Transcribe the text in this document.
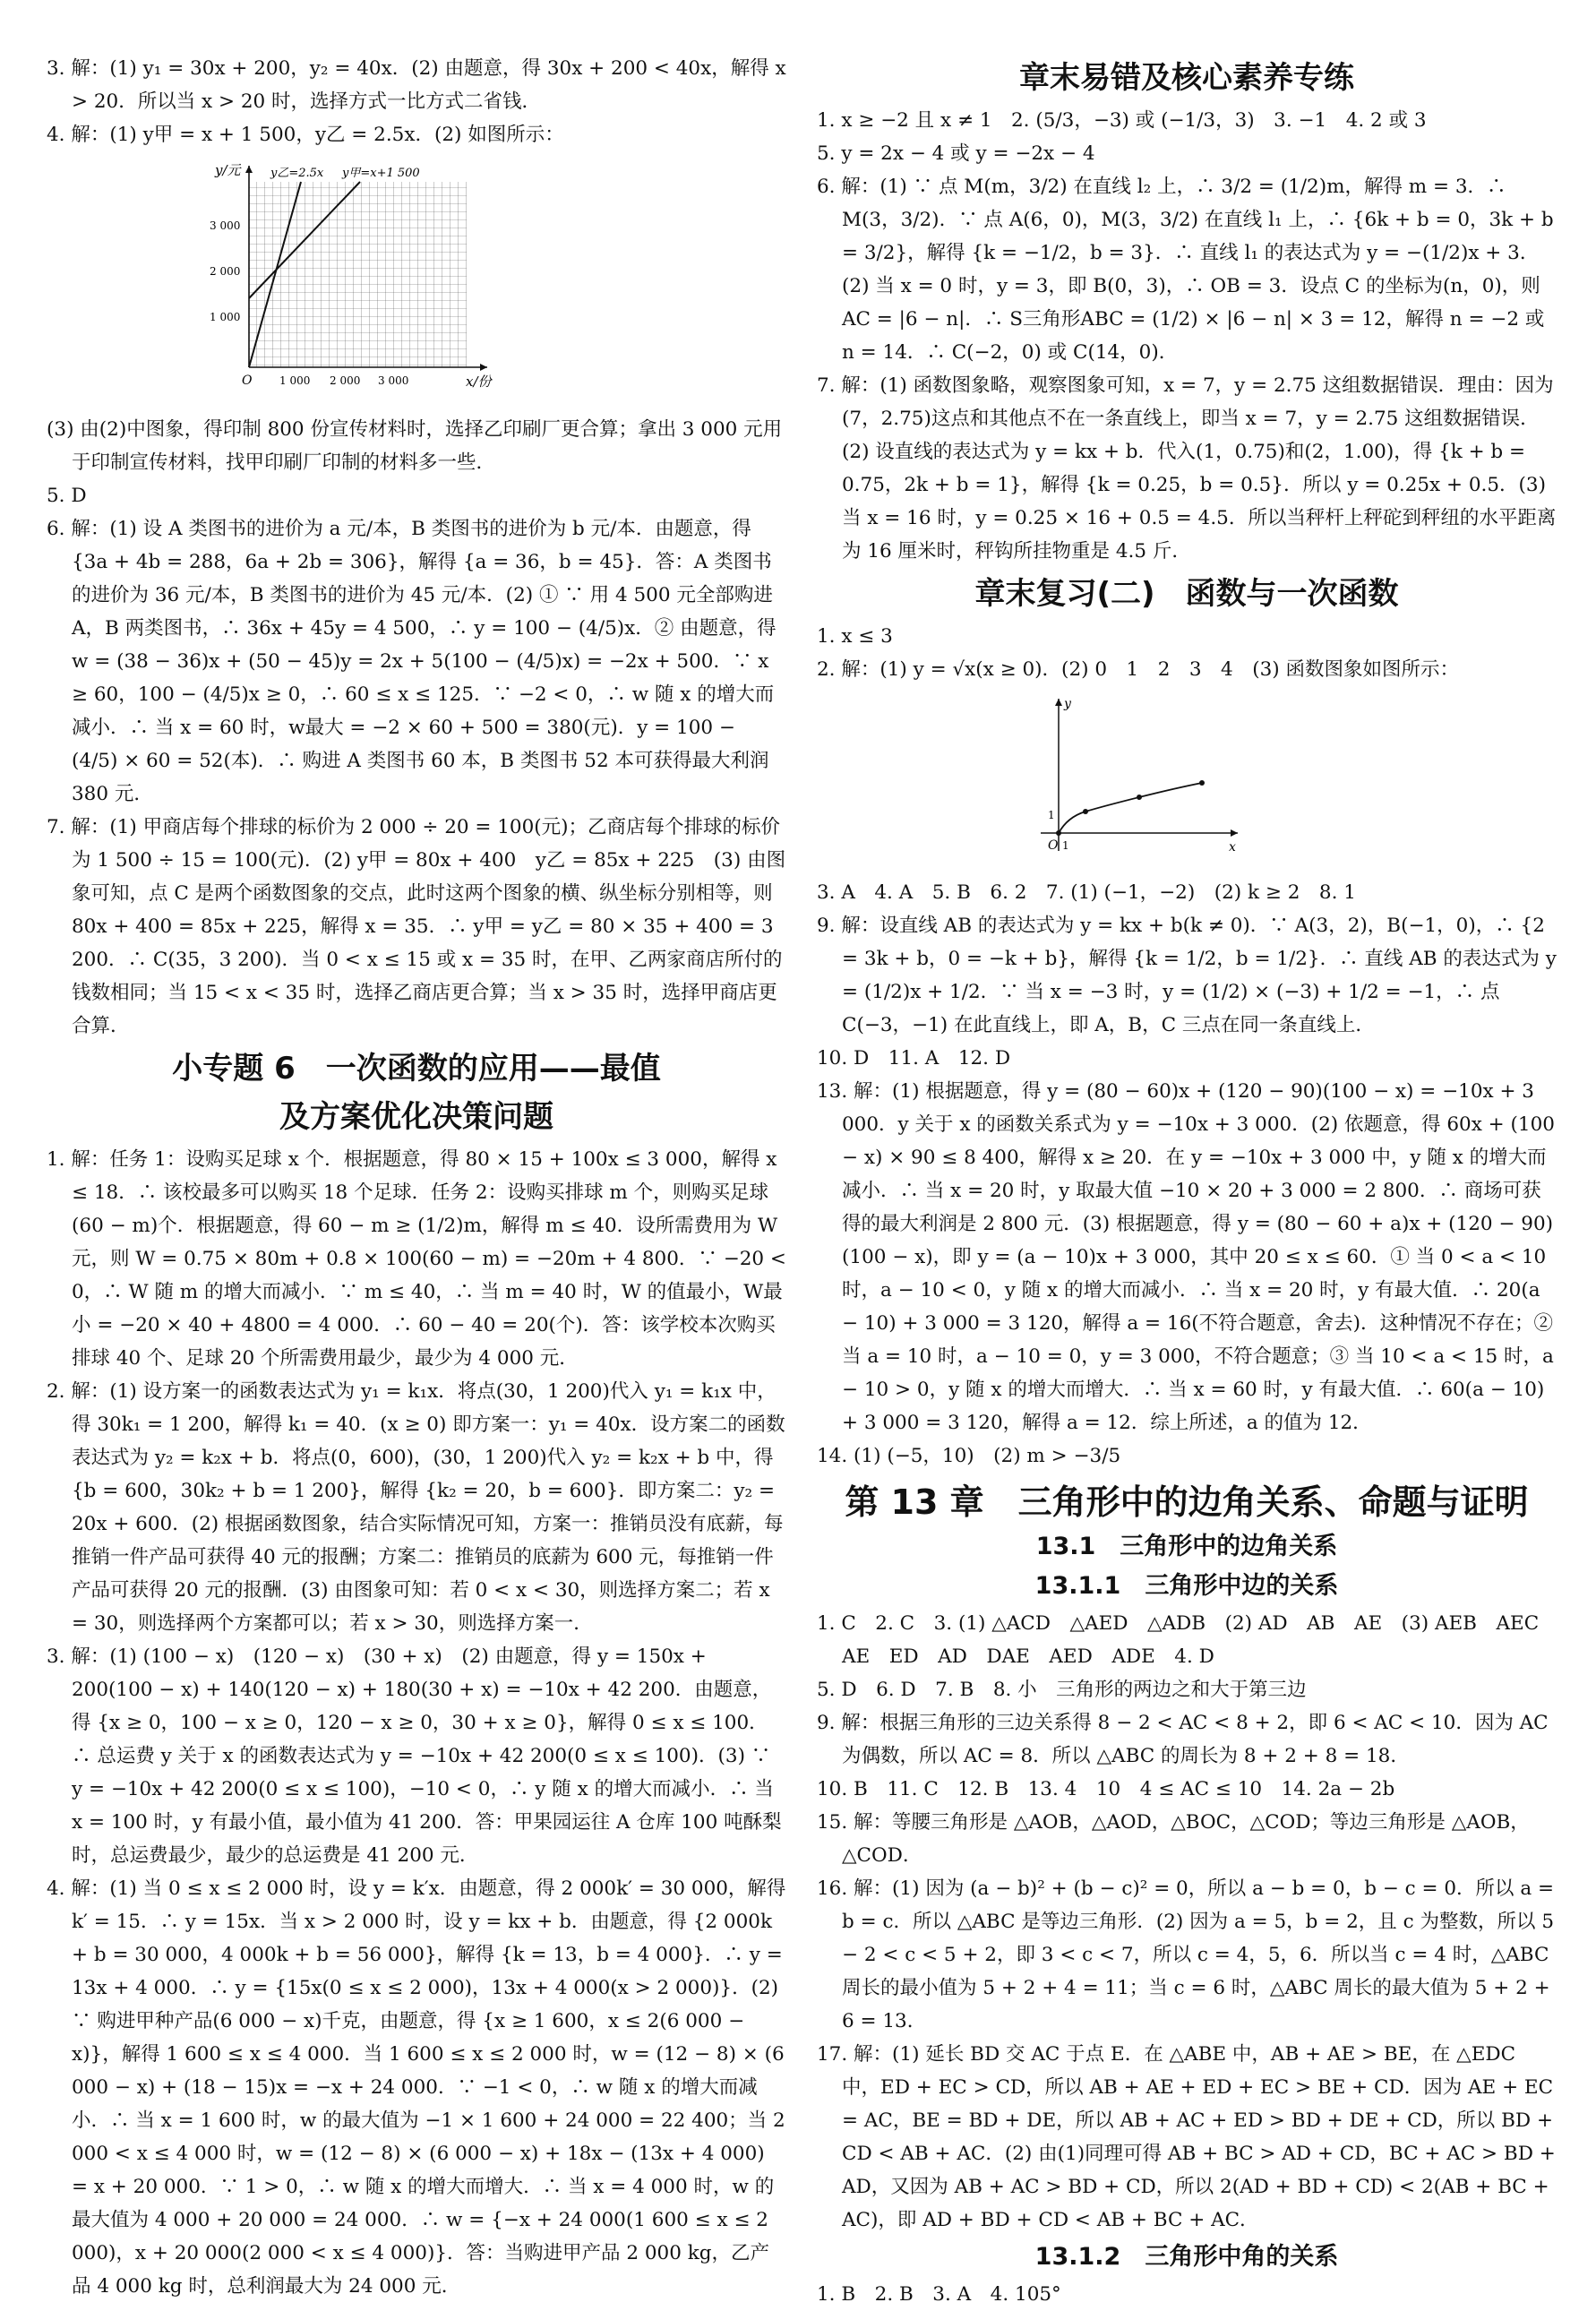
3. 解：(1) y₁ = 30x + 200，y₂ = 40x．(2) 由题意，得 30x + 200 < 40x，解得 x > 20．所以当 x > 20 时，选择方式一比方式二省钱．

4. 解：(1) y甲 = x + 1 500，y乙 = 2.5x．(2) 如图所示：

y/元
x/份
y乙=2.5x y甲=x+1 500
3 000
2 000
1 000
O	1 000 2 000 3 000

(3) 由(2)中图象，得印制 800 份宣传材料时，选择乙印刷厂更合算；拿出 3 000 元用于印制宣传材料，找甲印刷厂印制的材料多一些．

5. D

6. 解：(1) 设 A 类图书的进价为 a 元/本，B 类图书的进价为 b 元/本．由题意，得 {3a + 4b = 288，6a + 2b = 306}，解得 {a = 36，b = 45}．答：A 类图书的进价为 36 元/本，B 类图书的进价为 45 元/本．(2) ① ∵ 用 4 500 元全部购进 A，B 两类图书，∴ 36x + 45y = 4 500，∴ y = 100 − (4/5)x．② 由题意，得 w = (38 − 36)x + (50 − 45)y = 2x + 5(100 − (4/5)x) = −2x + 500．∵ x ≥ 60，100 − (4/5)x ≥ 0，∴ 60 ≤ x ≤ 125．∵ −2 < 0，∴ w 随 x 的增大而减小．∴ 当 x = 60 时，w最大 = −2 × 60 + 500 = 380(元)．y = 100 − (4/5) × 60 = 52(本)．∴ 购进 A 类图书 60 本，B 类图书 52 本可获得最大利润 380 元．

7. 解：(1) 甲商店每个排球的标价为 2 000 ÷ 20 = 100(元)；乙商店每个排球的标价为 1 500 ÷ 15 = 100(元)．(2) y甲 = 80x + 400　y乙 = 85x + 225　(3) 由图象可知，点 C 是两个函数图象的交点，此时这两个图象的横、纵坐标分别相等，则 80x + 400 = 85x + 225，解得 x = 35．∴ y甲 = y乙 = 80 × 35 + 400 = 3 200．∴ C(35，3 200)．当 0 < x ≤ 15 或 x = 35 时，在甲、乙两家商店所付的钱数相同；当 15 < x < 35 时，选择乙商店更合算；当 x > 35 时，选择甲商店更合算．

小专题 6　一次函数的应用——最值
及方案优化决策问题

1. 解：任务 1：设购买足球 x 个．根据题意，得 80 × 15 + 100x ≤ 3 000，解得 x ≤ 18．∴ 该校最多可以购买 18 个足球．任务 2：设购买排球 m 个，则购买足球(60 − m)个．根据题意，得 60 − m ≥ (1/2)m，解得 m ≤ 40．设所需费用为 W 元，则 W = 0.75 × 80m + 0.8 × 100(60 − m) = −20m + 4 800．∵ −20 < 0，∴ W 随 m 的增大而减小．∵ m ≤ 40，∴ 当 m = 40 时，W 的值最小，W最小 = −20 × 40 + 4800 = 4 000．∴ 60 − 40 = 20(个)．答：该学校本次购买排球 40 个、足球 20 个所需费用最少，最少为 4 000 元．

2. 解：(1) 设方案一的函数表达式为 y₁ = k₁x．将点(30，1 200)代入 y₁ = k₁x 中，得 30k₁ = 1 200，解得 k₁ = 40．(x ≥ 0) 即方案一：y₁ = 40x．设方案二的函数表达式为 y₂ = k₂x + b．将点(0，600)，(30，1 200)代入 y₂ = k₂x + b 中，得 {b = 600，30k₂ + b = 1 200}，解得 {k₂ = 20，b = 600}．即方案二：y₂ = 20x + 600．(2) 根据函数图象，结合实际情况可知，方案一：推销员没有底薪，每推销一件产品可获得 40 元的报酬；方案二：推销员的底薪为 600 元，每推销一件产品可获得 20 元的报酬．(3) 由图象可知：若 0 < x < 30，则选择方案二；若 x = 30，则选择两个方案都可以；若 x > 30，则选择方案一．

3. 解：(1) (100 − x)　(120 − x)　(30 + x)　(2) 由题意，得 y = 150x + 200(100 − x) + 140(120 − x) + 180(30 + x) = −10x + 42 200．由题意，得 {x ≥ 0，100 − x ≥ 0，120 − x ≥ 0，30 + x ≥ 0}，解得 0 ≤ x ≤ 100．∴ 总运费 y 关于 x 的函数表达式为 y = −10x + 42 200(0 ≤ x ≤ 100)．(3) ∵ y = −10x + 42 200(0 ≤ x ≤ 100)，−10 < 0，∴ y 随 x 的增大而减小．∴ 当 x = 100 时，y 有最小值，最小值为 41 200．答：甲果园运往 A 仓库 100 吨酥梨时，总运费最少，最少的总运费是 41 200 元．

4. 解：(1) 当 0 ≤ x ≤ 2 000 时，设 y = k′x．由题意，得 2 000k′ = 30 000，解得 k′ = 15．∴ y = 15x．当 x > 2 000 时，设 y = kx + b．由题意，得 {2 000k + b = 30 000，4 000k + b = 56 000}，解得 {k = 13，b = 4 000}．∴ y = 13x + 4 000．∴ y = {15x(0 ≤ x ≤ 2 000)，13x + 4 000(x > 2 000)}．(2) ∵ 购进甲种产品(6 000 − x)千克，由题意，得 {x ≥ 1 600，x ≤ 2(6 000 − x)}，解得 1 600 ≤ x ≤ 4 000．当 1 600 ≤ x ≤ 2 000 时，w = (12 − 8) × (6 000 − x) + (18 − 15)x = −x + 24 000．∵ −1 < 0，∴ w 随 x 的增大而减小．∴ 当 x = 1 600 时，w 的最大值为 −1 × 1 600 + 24 000 = 22 400；当 2 000 < x ≤ 4 000 时，w = (12 − 8) × (6 000 − x) + 18x − (13x + 4 000) = x + 20 000．∵ 1 > 0，∴ w 随 x 的增大而增大．∴ 当 x = 4 000 时，w 的最大值为 4 000 + 20 000 = 24 000．∴ w = {−x + 24 000(1 600 ≤ x ≤ 2 000)，x + 20 000(2 000 < x ≤ 4 000)}．答：当购进甲产品 2 000 kg，乙产品 4 000 kg 时，总利润最大为 24 000 元．

章末易错及核心素养专练

1. x ≥ −2 且 x ≠ 1　2. (5/3，−3) 或 (−1/3，3)　3. −1　4. 2 或 3

5. y = 2x − 4 或 y = −2x − 4

6. 解：(1) ∵ 点 M(m，3/2) 在直线 l₂ 上，∴ 3/2 = (1/2)m，解得 m = 3．∴ M(3，3/2)．∵ 点 A(6，0)，M(3，3/2) 在直线 l₁ 上，∴ {6k + b = 0，3k + b = 3/2}，解得 {k = −1/2，b = 3}．∴ 直线 l₁ 的表达式为 y = −(1/2)x + 3．(2) 当 x = 0 时，y = 3，即 B(0，3)，∴ OB = 3．设点 C 的坐标为(n，0)，则 AC = |6 − n|．∴ S三角形ABC = (1/2) × |6 − n| × 3 = 12，解得 n = −2 或 n = 14．∴ C(−2，0) 或 C(14，0)．

7. 解：(1) 函数图象略，观察图象可知，x = 7，y = 2.75 这组数据错误．理由：因为(7，2.75)这点和其他点不在一条直线上，即当 x = 7，y = 2.75 这组数据错误．(2) 设直线的表达式为 y = kx + b．代入(1，0.75)和(2，1.00)，得 {k + b = 0.75，2k + b = 1}，解得 {k = 0.25，b = 0.5}．所以 y = 0.25x + 0.5．(3) 当 x = 16 时，y = 0.25 × 16 + 0.5 = 4.5．所以当秤杆上秤砣到秤纽的水平距离为 16 厘米时，秤钩所挂物重是 4.5 斤．

章末复习(二)　函数与一次函数

1. x ≤ 3

2. 解：(1) y = √x(x ≥ 0)．(2) 0　1　2　3　4　(3) 函数图象如图所示：

y
x
O
1
1

3. A　4. A　5. B　6. 2　7. (1) (−1，−2)　(2) k ≥ 2　8. 1

9. 解：设直线 AB 的表达式为 y = kx + b(k ≠ 0)．∵ A(3，2)，B(−1，0)，∴ {2 = 3k + b，0 = −k + b}，解得 {k = 1/2，b = 1/2}．∴ 直线 AB 的表达式为 y = (1/2)x + 1/2．∵ 当 x = −3 时，y = (1/2) × (−3) + 1/2 = −1，∴ 点 C(−3，−1) 在此直线上，即 A，B，C 三点在同一条直线上．

10. D　11. A　12. D

13. 解：(1) 根据题意，得 y = (80 − 60)x + (120 − 90)(100 − x) = −10x + 3 000．y 关于 x 的函数关系式为 y = −10x + 3 000．(2) 依题意，得 60x + (100 − x) × 90 ≤ 8 400，解得 x ≥ 20．在 y = −10x + 3 000 中，y 随 x 的增大而减小．∴ 当 x = 20 时，y 取最大值 −10 × 20 + 3 000 = 2 800．∴ 商场可获得的最大利润是 2 800 元．(3) 根据题意，得 y = (80 − 60 + a)x + (120 − 90)(100 − x)，即 y = (a − 10)x + 3 000，其中 20 ≤ x ≤ 60．① 当 0 < a < 10 时，a − 10 < 0，y 随 x 的增大而减小．∴ 当 x = 20 时，y 有最大值．∴ 20(a − 10) + 3 000 = 3 120，解得 a = 16(不符合题意，舍去)．这种情况不存在；② 当 a = 10 时，a − 10 = 0，y = 3 000，不符合题意；③ 当 10 < a < 15 时，a − 10 > 0，y 随 x 的增大而增大．∴ 当 x = 60 时，y 有最大值．∴ 60(a − 10) + 3 000 = 3 120，解得 a = 12．综上所述，a 的值为 12．

14. (1) (−5，10)　(2) m > −3/5

第 13 章　三角形中的边角关系、命题与证明
13.1　三角形中的边角关系
13.1.1　三角形中边的关系

1. C　2. C　3. (1) △ACD　△AED　△ADB　(2) AD　AB　AE　(3) AEB　AEC　AE　ED　AD　DAE　AED　ADE　4. D

5. D　6. D　7. B　8. 小　三角形的两边之和大于第三边

9. 解：根据三角形的三边关系得 8 − 2 < AC < 8 + 2，即 6 < AC < 10．因为 AC 为偶数，所以 AC = 8．所以 △ABC 的周长为 8 + 2 + 8 = 18．

10. B　11. C　12. B　13. 4　10　4 ≤ AC ≤ 10　14. 2a − 2b

15. 解：等腰三角形是 △AOB，△AOD，△BOC，△COD；等边三角形是 △AOB，△COD．

16. 解：(1) 因为 (a − b)² + (b − c)² = 0，所以 a − b = 0，b − c = 0．所以 a = b = c．所以 △ABC 是等边三角形．(2) 因为 a = 5，b = 2，且 c 为整数，所以 5 − 2 < c < 5 + 2，即 3 < c < 7，所以 c = 4，5，6．所以当 c = 4 时，△ABC 周长的最小值为 5 + 2 + 4 = 11；当 c = 6 时，△ABC 周长的最大值为 5 + 2 + 6 = 13．

17. 解：(1) 延长 BD 交 AC 于点 E．在 △ABE 中，AB + AE > BE，在 △EDC 中，ED + EC > CD，所以 AB + AE + ED + EC > BE + CD．因为 AE + EC = AC，BE = BD + DE，所以 AB + AC + ED > BD + DE + CD，所以 BD + CD < AB + AC．(2) 由(1)同理可得 AB + BC > AD + CD，BC + AC > BD + AD，又因为 AB + AC > BD + CD，所以 2(AD + BD + CD) < 2(AB + BC + AC)，即 AD + BD + CD < AB + BC + AC．

13.1.2　三角形中角的关系

1. B　2. B　3. A　4. 105°
